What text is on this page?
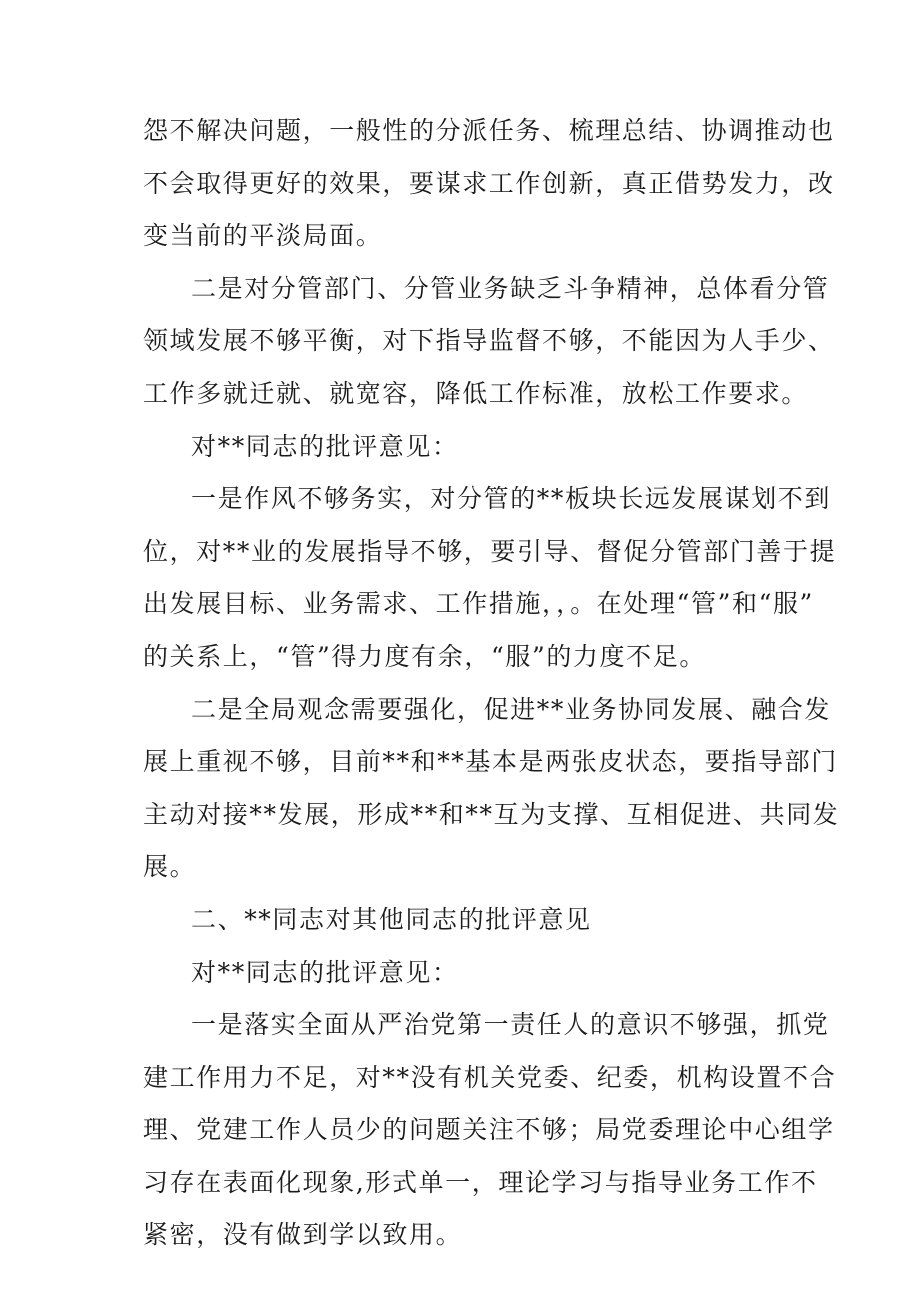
怨不解决问题，一般性的分派任务、梳理总结、协调推动也
不会取得更好的效果，要谋求工作创新，真正借势发力，改
变当前的平淡局面。
二是对分管部门、分管业务缺乏斗争精神，总体看分管
领域发展不够平衡，对下指导监督不够，不能因为人手少、
工作多就迁就、就宽容，降低工作标准，放松工作要求。
对**同志的批评意见：
一是作风不够务实，对分管的**板块长远发展谋划不到
位，对**业的发展指导不够，要引导、督促分管部门善于提
出发展目标、业务需求、工作措施，，。在处理“管”和“服”
的关系上，“管”得力度有余，“服”的力度不足。
二是全局观念需要强化，促进**业务协同发展、融合发
展上重视不够，目前**和**基本是两张皮状态，要指导部门
主动对接**发展，形成**和**互为支撑、互相促进、共同发
展。
二、**同志对其他同志的批评意见
对**同志的批评意见：
一是落实全面从严治党第一责任人的意识不够强，抓党
建工作用力不足，对**没有机关党委、纪委，机构设置不合
理、党建工作人员少的问题关注不够；局党委理论中心组学
习存在表面化现象,形式单一，理论学习与指导业务工作不
紧密，没有做到学以致用。
